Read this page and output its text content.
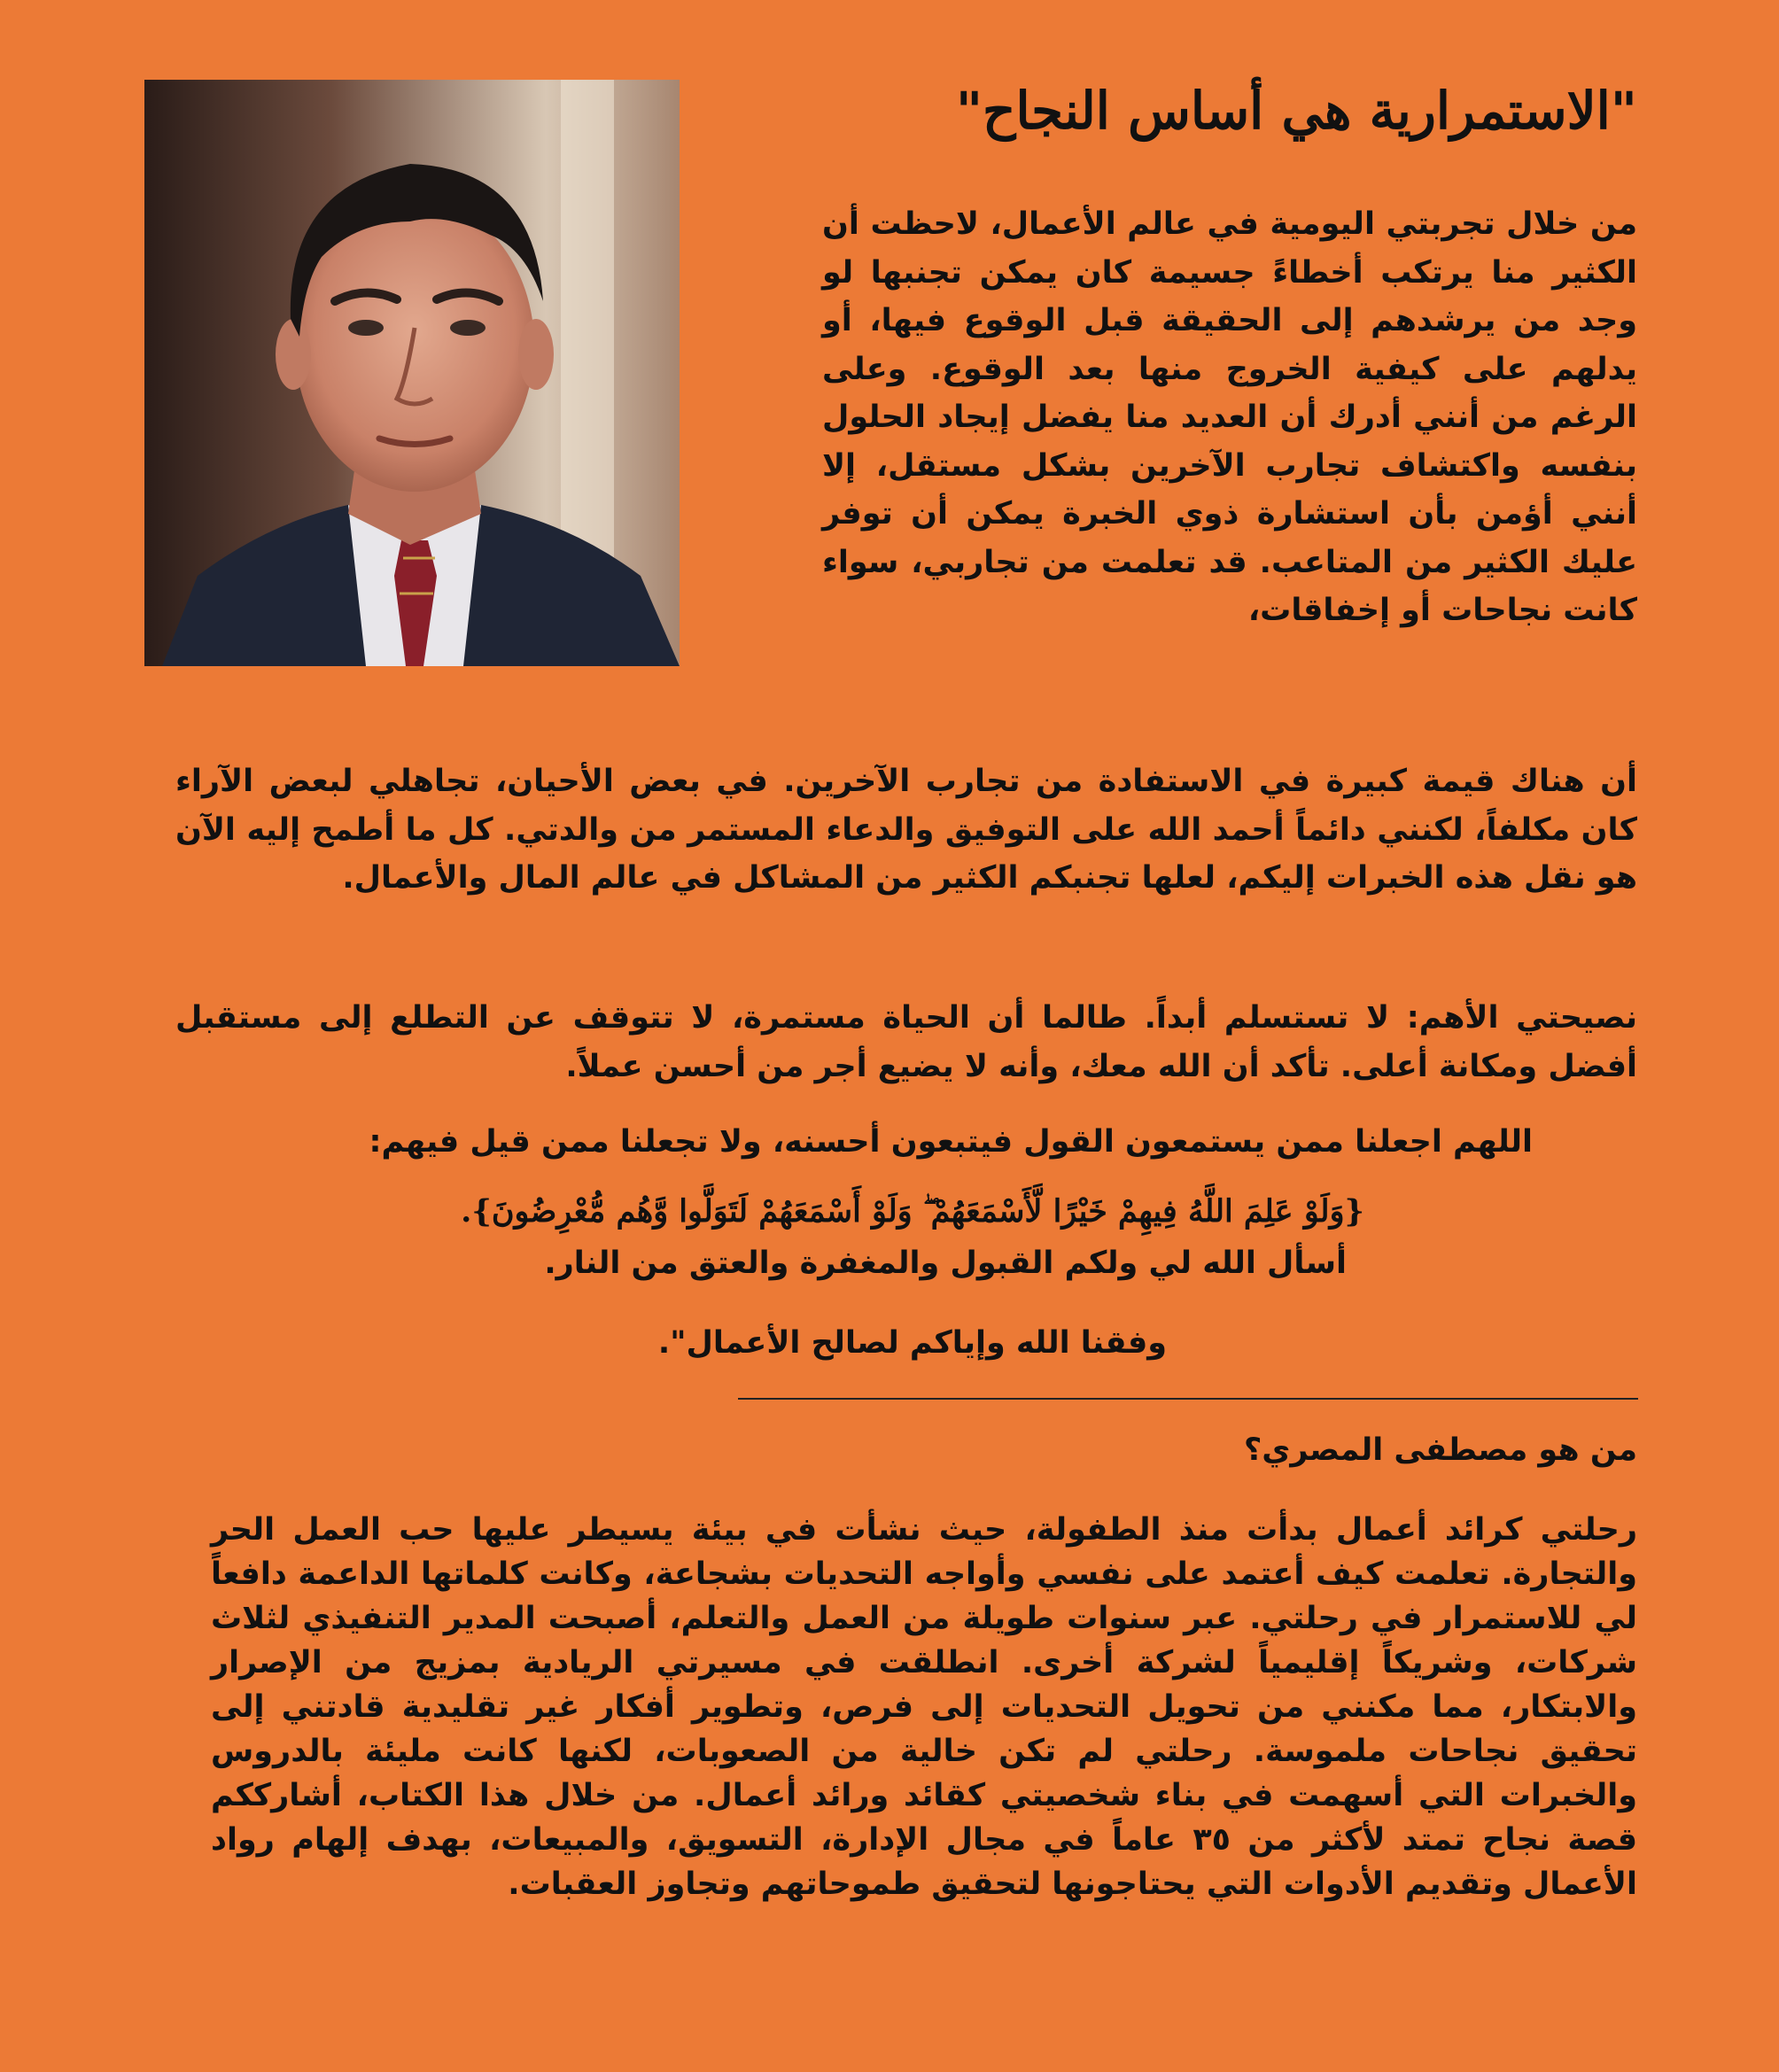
"الاستمرارية هي أساس النجاح"

من خلال تجربتي اليومية في عالم الأعمال، لاحظت أن الكثير منا يرتكب أخطاءً جسيمة كان يمكن تجنبها لو وجد من يرشدهم إلى الحقيقة قبل الوقوع فيها، أو يدلهم على كيفية الخروج منها بعد الوقوع. وعلى الرغم من أنني أدرك أن العديد منا يفضل إيجاد الحلول بنفسه واكتشاف تجارب الآخرين بشكل مستقل، إلا أنني أؤمن بأن استشارة ذوي الخبرة يمكن أن توفر عليك الكثير من المتاعب. قد تعلمت من تجاربي، سواء كانت نجاحات أو إخفاقات،

أن هناك قيمة كبيرة في الاستفادة من تجارب الآخرين. في بعض الأحيان، تجاهلي لبعض الآراء كان مكلفاً، لكنني دائماً أحمد الله على التوفيق والدعاء المستمر من والدتي. كل ما أطمح إليه الآن هو نقل هذه الخبرات إليكم، لعلها تجنبكم الكثير من المشاكل في عالم المال والأعمال.

نصيحتي الأهم: لا تستسلم أبداً. طالما أن الحياة مستمرة، لا تتوقف عن التطلع إلى مستقبل أفضل ومكانة أعلى. تأكد أن الله معك، وأنه لا يضيع أجر من أحسن عملاً.

اللهم اجعلنا ممن يستمعون القول فيتبعون أحسنه، ولا تجعلنا ممن قيل فيهم:

{وَلَوْ عَلِمَ اللَّهُ فِيهِمْ خَيْرًا لَّأَسْمَعَهُمْ ۖ وَلَوْ أَسْمَعَهُمْ لَتَوَلَّوا وَّهُم مُّعْرِضُونَ}.

أسأل الله لي ولكم القبول والمغفرة والعتق من النار.

وفقنا الله وإياكم لصالح الأعمال".

من هو مصطفى المصري؟

رحلتي كرائد أعمال بدأت منذ الطفولة، حيث نشأت في بيئة يسيطر عليها حب العمل الحر والتجارة. تعلمت كيف أعتمد على نفسي وأواجه التحديات بشجاعة، وكانت كلماتها الداعمة دافعاً لي للاستمرار في رحلتي. عبر سنوات طويلة من العمل والتعلم، أصبحت المدير التنفيذي لثلاث شركات، وشريكاً إقليمياً لشركة أخرى. انطلقت في مسيرتي الريادية بمزيج من الإصرار والابتكار، مما مكنني من تحويل التحديات إلى فرص، وتطوير أفكار غير تقليدية قادتني إلى تحقيق نجاحات ملموسة. رحلتي لم تكن خالية من الصعوبات، لكنها كانت مليئة بالدروس والخبرات التي أسهمت في بناء شخصيتي كقائد ورائد أعمال. من خلال هذا الكتاب، أشارككم قصة نجاح تمتد لأكثر من ٣٥ عاماً في مجال الإدارة، التسويق، والمبيعات، بهدف إلهام رواد الأعمال وتقديم الأدوات التي يحتاجونها لتحقيق طموحاتهم وتجاوز العقبات.
